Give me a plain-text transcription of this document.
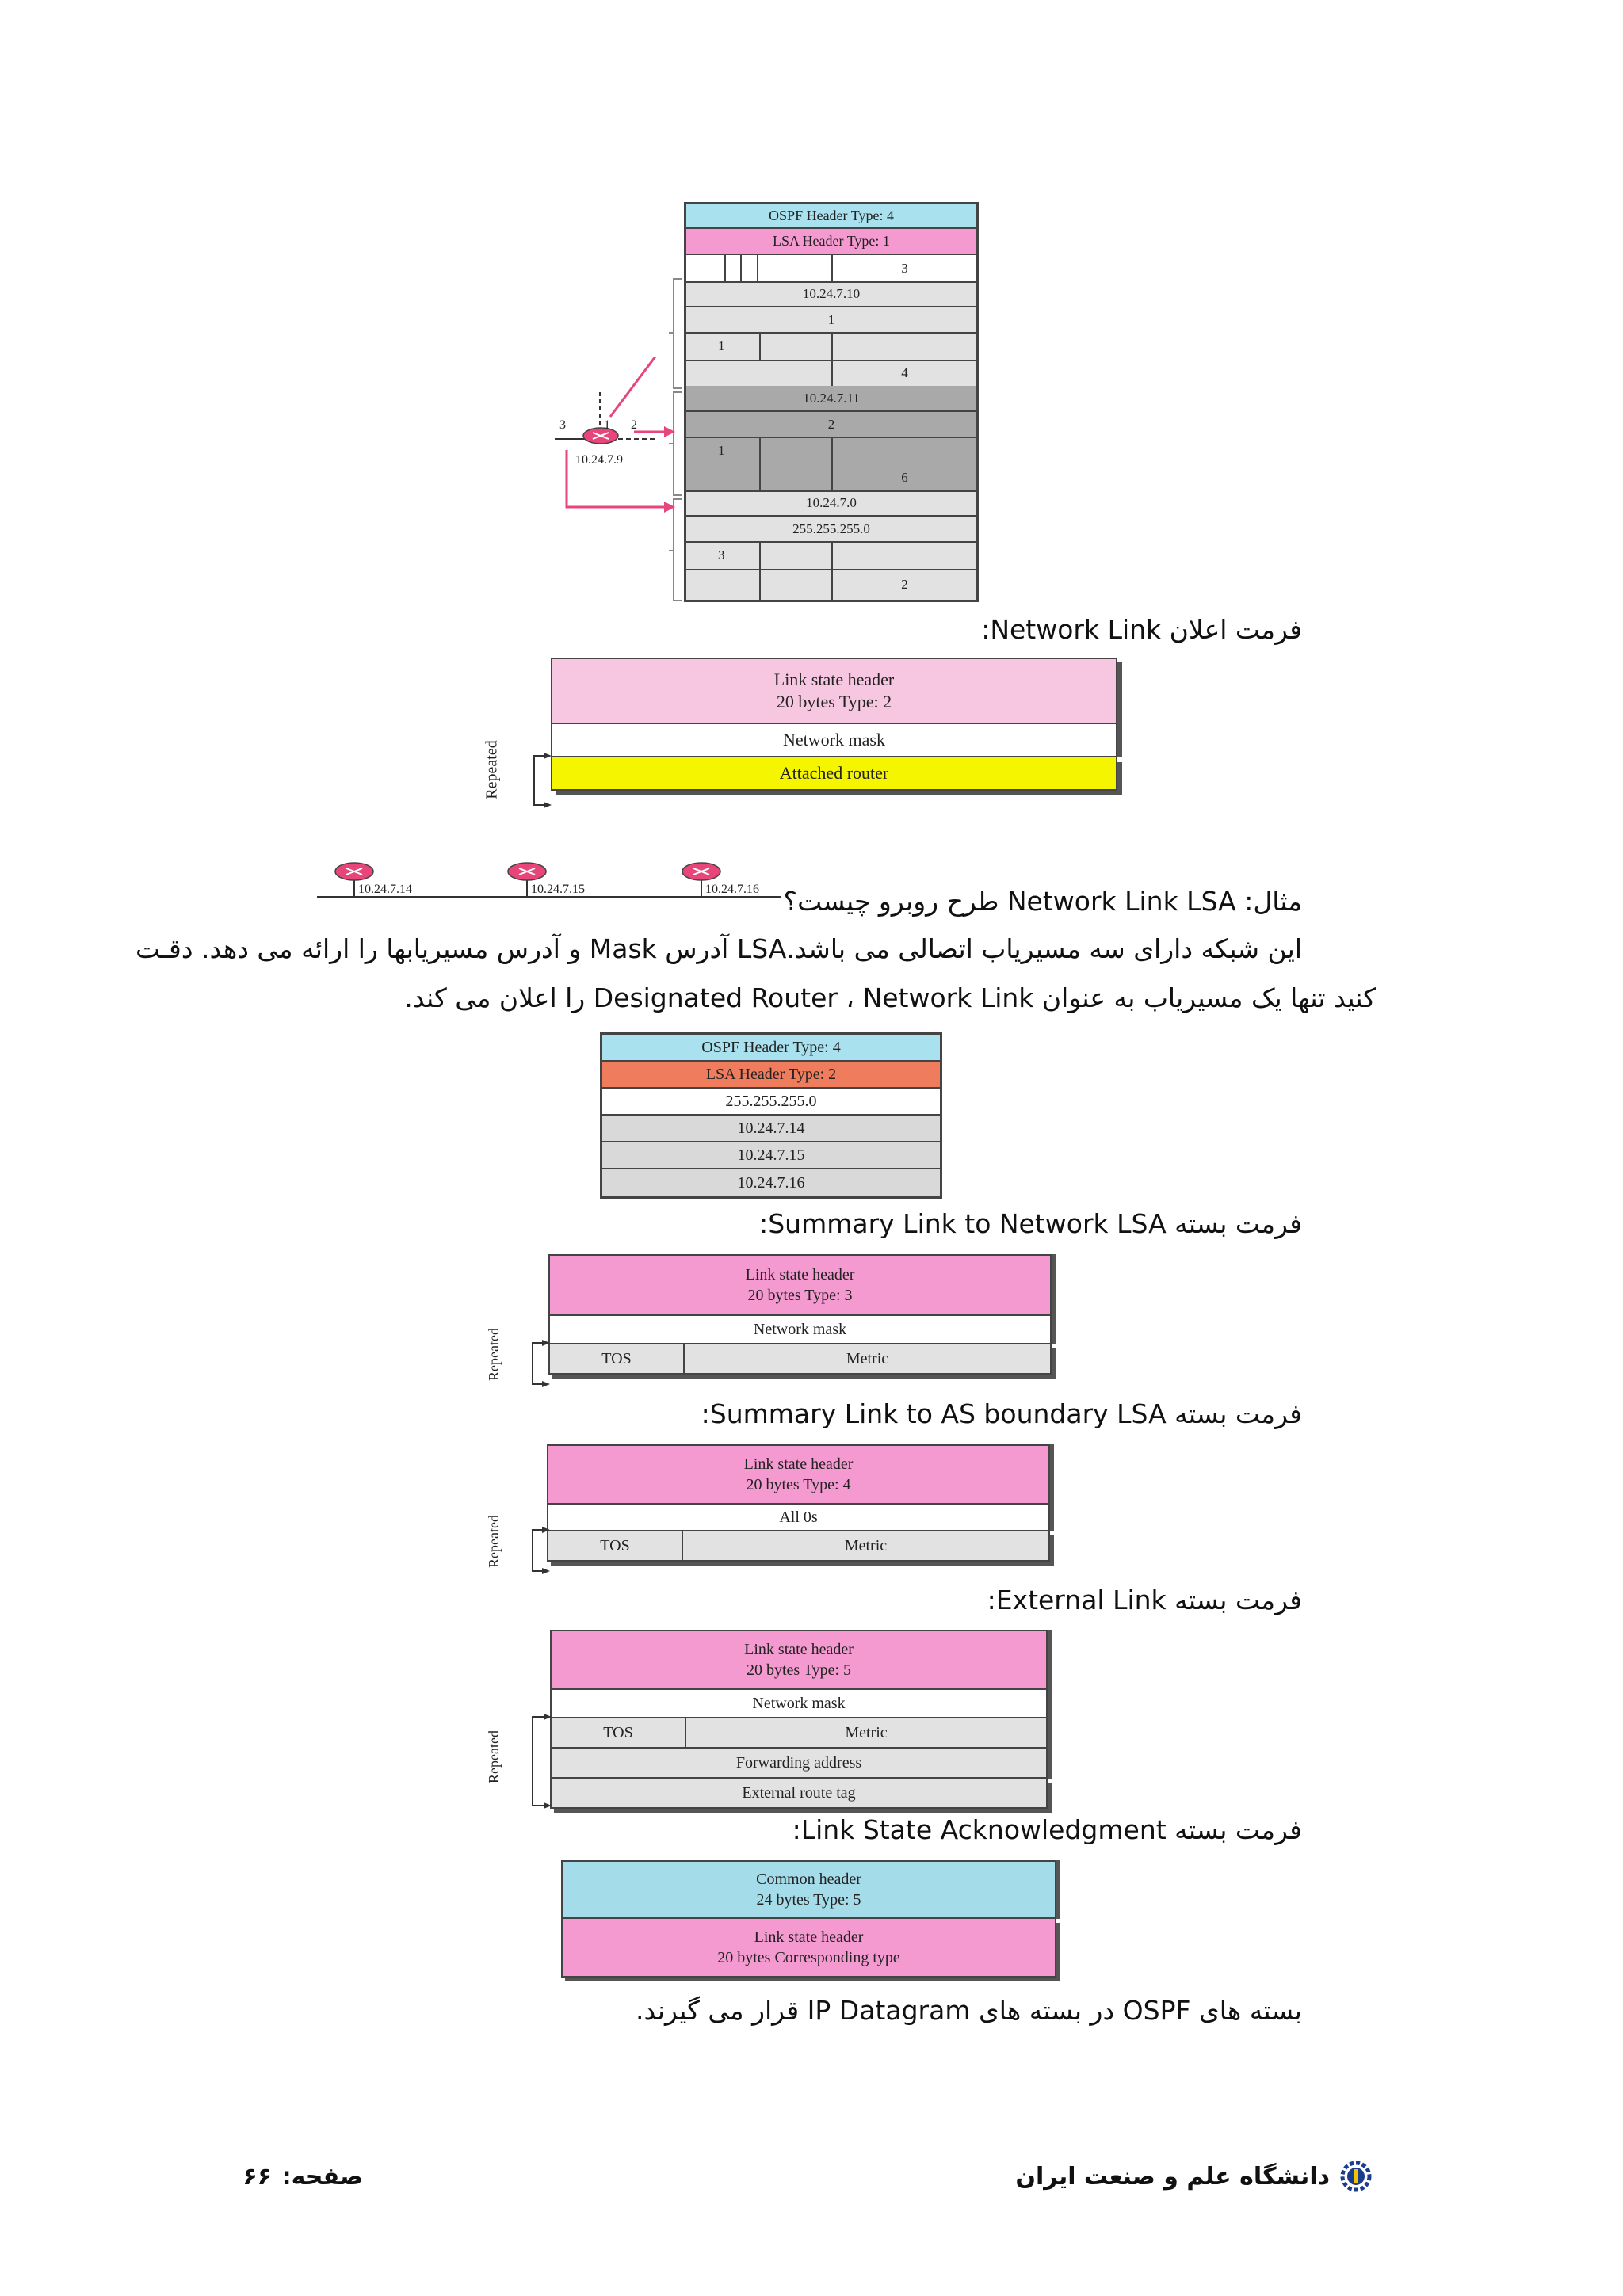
OSPF Header Type: 4
LSA Header Type: 1
3
10.24.7.10
1
1
4
10.24.7.11
2
1
6
10.24.7.0
255.255.255.0
3
2
3	1 2
10.24.7.9
فرمت اعلان Network Link:
Link state header
20 bytes Type: 2
Network mask
Attached router
Repeated
10.24.7.14	10.24.7.15	10.24.7.16 مثال: Network Link LSA طرح روبرو چیست؟
این شبکه دارای سه مسیریاب اتصالی می باشد.LSA آدرس Mask و آدرس مسیریابها را ارائه می دهد. دقـت
کنید تنها یک مسیریاب به عنوان Designated Router ، Network Link را اعلان می کند.
OSPF Header Type: 4
LSA Header Type: 2
255.255.255.0
10.24.7.14
10.24.7.15
10.24.7.16
فرمت بسته Summary Link to Network LSA:
Link state header
20 bytes Type: 3
Network mask
TOS	Metric
Repeated
فرمت بسته Summary Link to AS boundary LSA:
Link state header
20 bytes Type: 4
All 0s
TOS	Metric
Repeated
فرمت بسته External Link:
Link state header
20 bytes Type: 5
Network mask
TOS	Metric
Forwarding address
External route tag
Repeated
فرمت بسته Link State Acknowledgment:
Common header
24 bytes Type: 5
Link state header
20 bytes Corresponding type
بسته های OSPF در بسته های IP Datagram قرار می گیرند.
دانشگاه علم و صنعت ایران
صفحه:
۶۶
